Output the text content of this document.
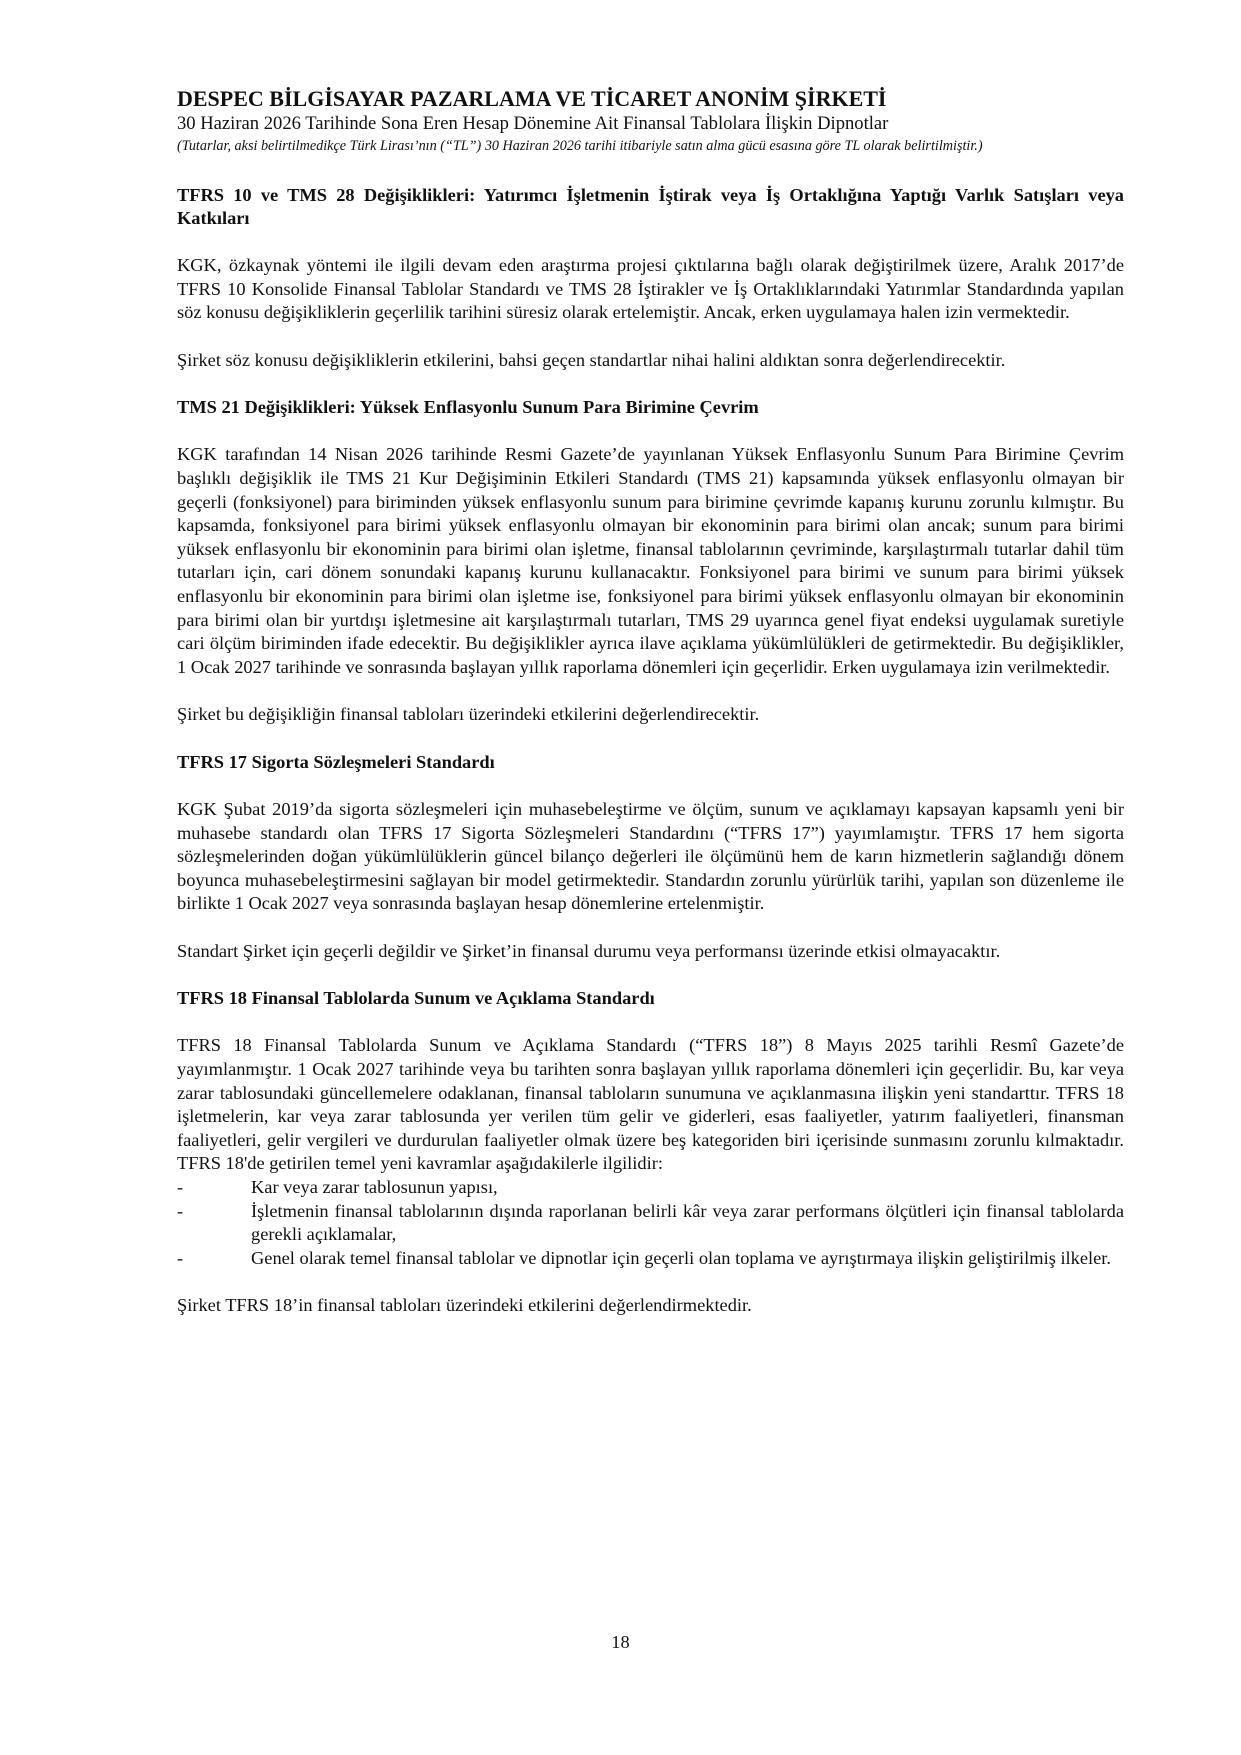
DESPEC BİLGİSAYAR PAZARLAMA VE TİCARET ANONİM ŞİRKETİ

30 Haziran 2026 Tarihinde Sona Eren Hesap Dönemine Ait Finansal Tablolara İlişkin Dipnotlar

(Tutarlar, aksi belirtilmedikçe Türk Lirası’nın (“TL”) 30 Haziran 2026 tarihi itibariyle satın alma gücü esasına göre TL olarak belirtilmiştir.)

TFRS 10 ve TMS 28 Değişiklikleri: Yatırımcı İşletmenin İştirak veya İş Ortaklığına Yaptığı Varlık Satışları veya Katkıları

KGK, özkaynak yöntemi ile ilgili devam eden araştırma projesi çıktılarına bağlı olarak değiştirilmek üzere, Aralık 2017’de TFRS 10 Konsolide Finansal Tablolar Standardı ve TMS 28 İştirakler ve İş Ortaklıklarındaki Yatırımlar Standardında yapılan söz konusu değişikliklerin geçerlilik tarihini süresiz olarak ertelemiştir. Ancak, erken uygulamaya halen izin vermektedir.

Şirket söz konusu değişikliklerin etkilerini, bahsi geçen standartlar nihai halini aldıktan sonra değerlendirecektir.

TMS 21 Değişiklikleri: Yüksek Enflasyonlu Sunum Para Birimine Çevrim

KGK tarafından 14 Nisan 2026 tarihinde Resmi Gazete’de yayınlanan Yüksek Enflasyonlu Sunum Para Birimine Çevrim başlıklı değişiklik ile TMS 21 Kur Değişiminin Etkileri Standardı (TMS 21) kapsamında yüksek enflasyonlu olmayan bir geçerli (fonksiyonel) para biriminden yüksek enflasyonlu sunum para birimine çevrimde kapanış kurunu zorunlu kılmıştır. Bu kapsamda, fonksiyonel para birimi yüksek enflasyonlu olmayan bir ekonominin para birimi olan ancak; sunum para birimi yüksek enflasyonlu bir ekonominin para birimi olan işletme, finansal tablolarının çevriminde, karşılaştırmalı tutarlar dahil tüm tutarları için, cari dönem sonundaki kapanış kurunu kullanacaktır. Fonksiyonel para birimi ve sunum para birimi yüksek enflasyonlu bir ekonominin para birimi olan işletme ise, fonksiyonel para birimi yüksek enflasyonlu olmayan bir ekonominin para birimi olan bir yurtdışı işletmesine ait karşılaştırmalı tutarları, TMS 29 uyarınca genel fiyat endeksi uygulamak suretiyle cari ölçüm biriminden ifade edecektir. Bu değişiklikler ayrıca ilave açıklama yükümlülükleri de getirmektedir. Bu değişiklikler, 1 Ocak 2027 tarihinde ve sonrasında başlayan yıllık raporlama dönemleri için geçerlidir. Erken uygulamaya izin verilmektedir.

Şirket bu değişikliğin finansal tabloları üzerindeki etkilerini değerlendirecektir.

TFRS 17 Sigorta Sözleşmeleri Standardı

KGK Şubat 2019’da sigorta sözleşmeleri için muhasebeleştirme ve ölçüm, sunum ve açıklamayı kapsayan kapsamlı yeni bir muhasebe standardı olan TFRS 17 Sigorta Sözleşmeleri Standardını (“TFRS 17”) yayımlamıştır. TFRS 17 hem sigorta sözleşmelerinden doğan yükümlülüklerin güncel bilanço değerleri ile ölçümünü hem de karın hizmetlerin sağlandığı dönem boyunca muhasebeleştirmesini sağlayan bir model getirmektedir. Standardın zorunlu yürürlük tarihi, yapılan son düzenleme ile birlikte 1 Ocak 2027 veya sonrasında başlayan hesap dönemlerine ertelenmiştir.

Standart Şirket için geçerli değildir ve Şirket’in finansal durumu veya performansı üzerinde etkisi olmayacaktır.

TFRS 18 Finansal Tablolarda Sunum ve Açıklama Standardı

TFRS 18 Finansal Tablolarda Sunum ve Açıklama Standardı (“TFRS 18”) 8 Mayıs 2025 tarihli Resmî Gazete’de yayımlanmıştır. 1 Ocak 2027 tarihinde veya bu tarihten sonra başlayan yıllık raporlama dönemleri için geçerlidir. Bu, kar veya zarar tablosundaki güncellemelere odaklanan, finansal tabloların sunumuna ve açıklanmasına ilişkin yeni standarttır. TFRS 18 işletmelerin, kar veya zarar tablosunda yer verilen tüm gelir ve giderleri, esas faaliyetler, yatırım faaliyetleri, finansman faaliyetleri, gelir vergileri ve durdurulan faaliyetler olmak üzere beş kategoriden biri içerisinde sunmasını zorunlu kılmaktadır. TFRS 18'de getirilen temel yeni kavramlar aşağıdakilerle ilgilidir:

-	Kar veya zarar tablosunun yapısı,
-	İşletmenin finansal tablolarının dışında raporlanan belirli kâr veya zarar performans ölçütleri için finansal tablolarda gerekli açıklamalar,
-	Genel olarak temel finansal tablolar ve dipnotlar için geçerli olan toplama ve ayrıştırmaya ilişkin geliştirilmiş ilkeler.

Şirket TFRS 18’in finansal tabloları üzerindeki etkilerini değerlendirmektedir.

18
